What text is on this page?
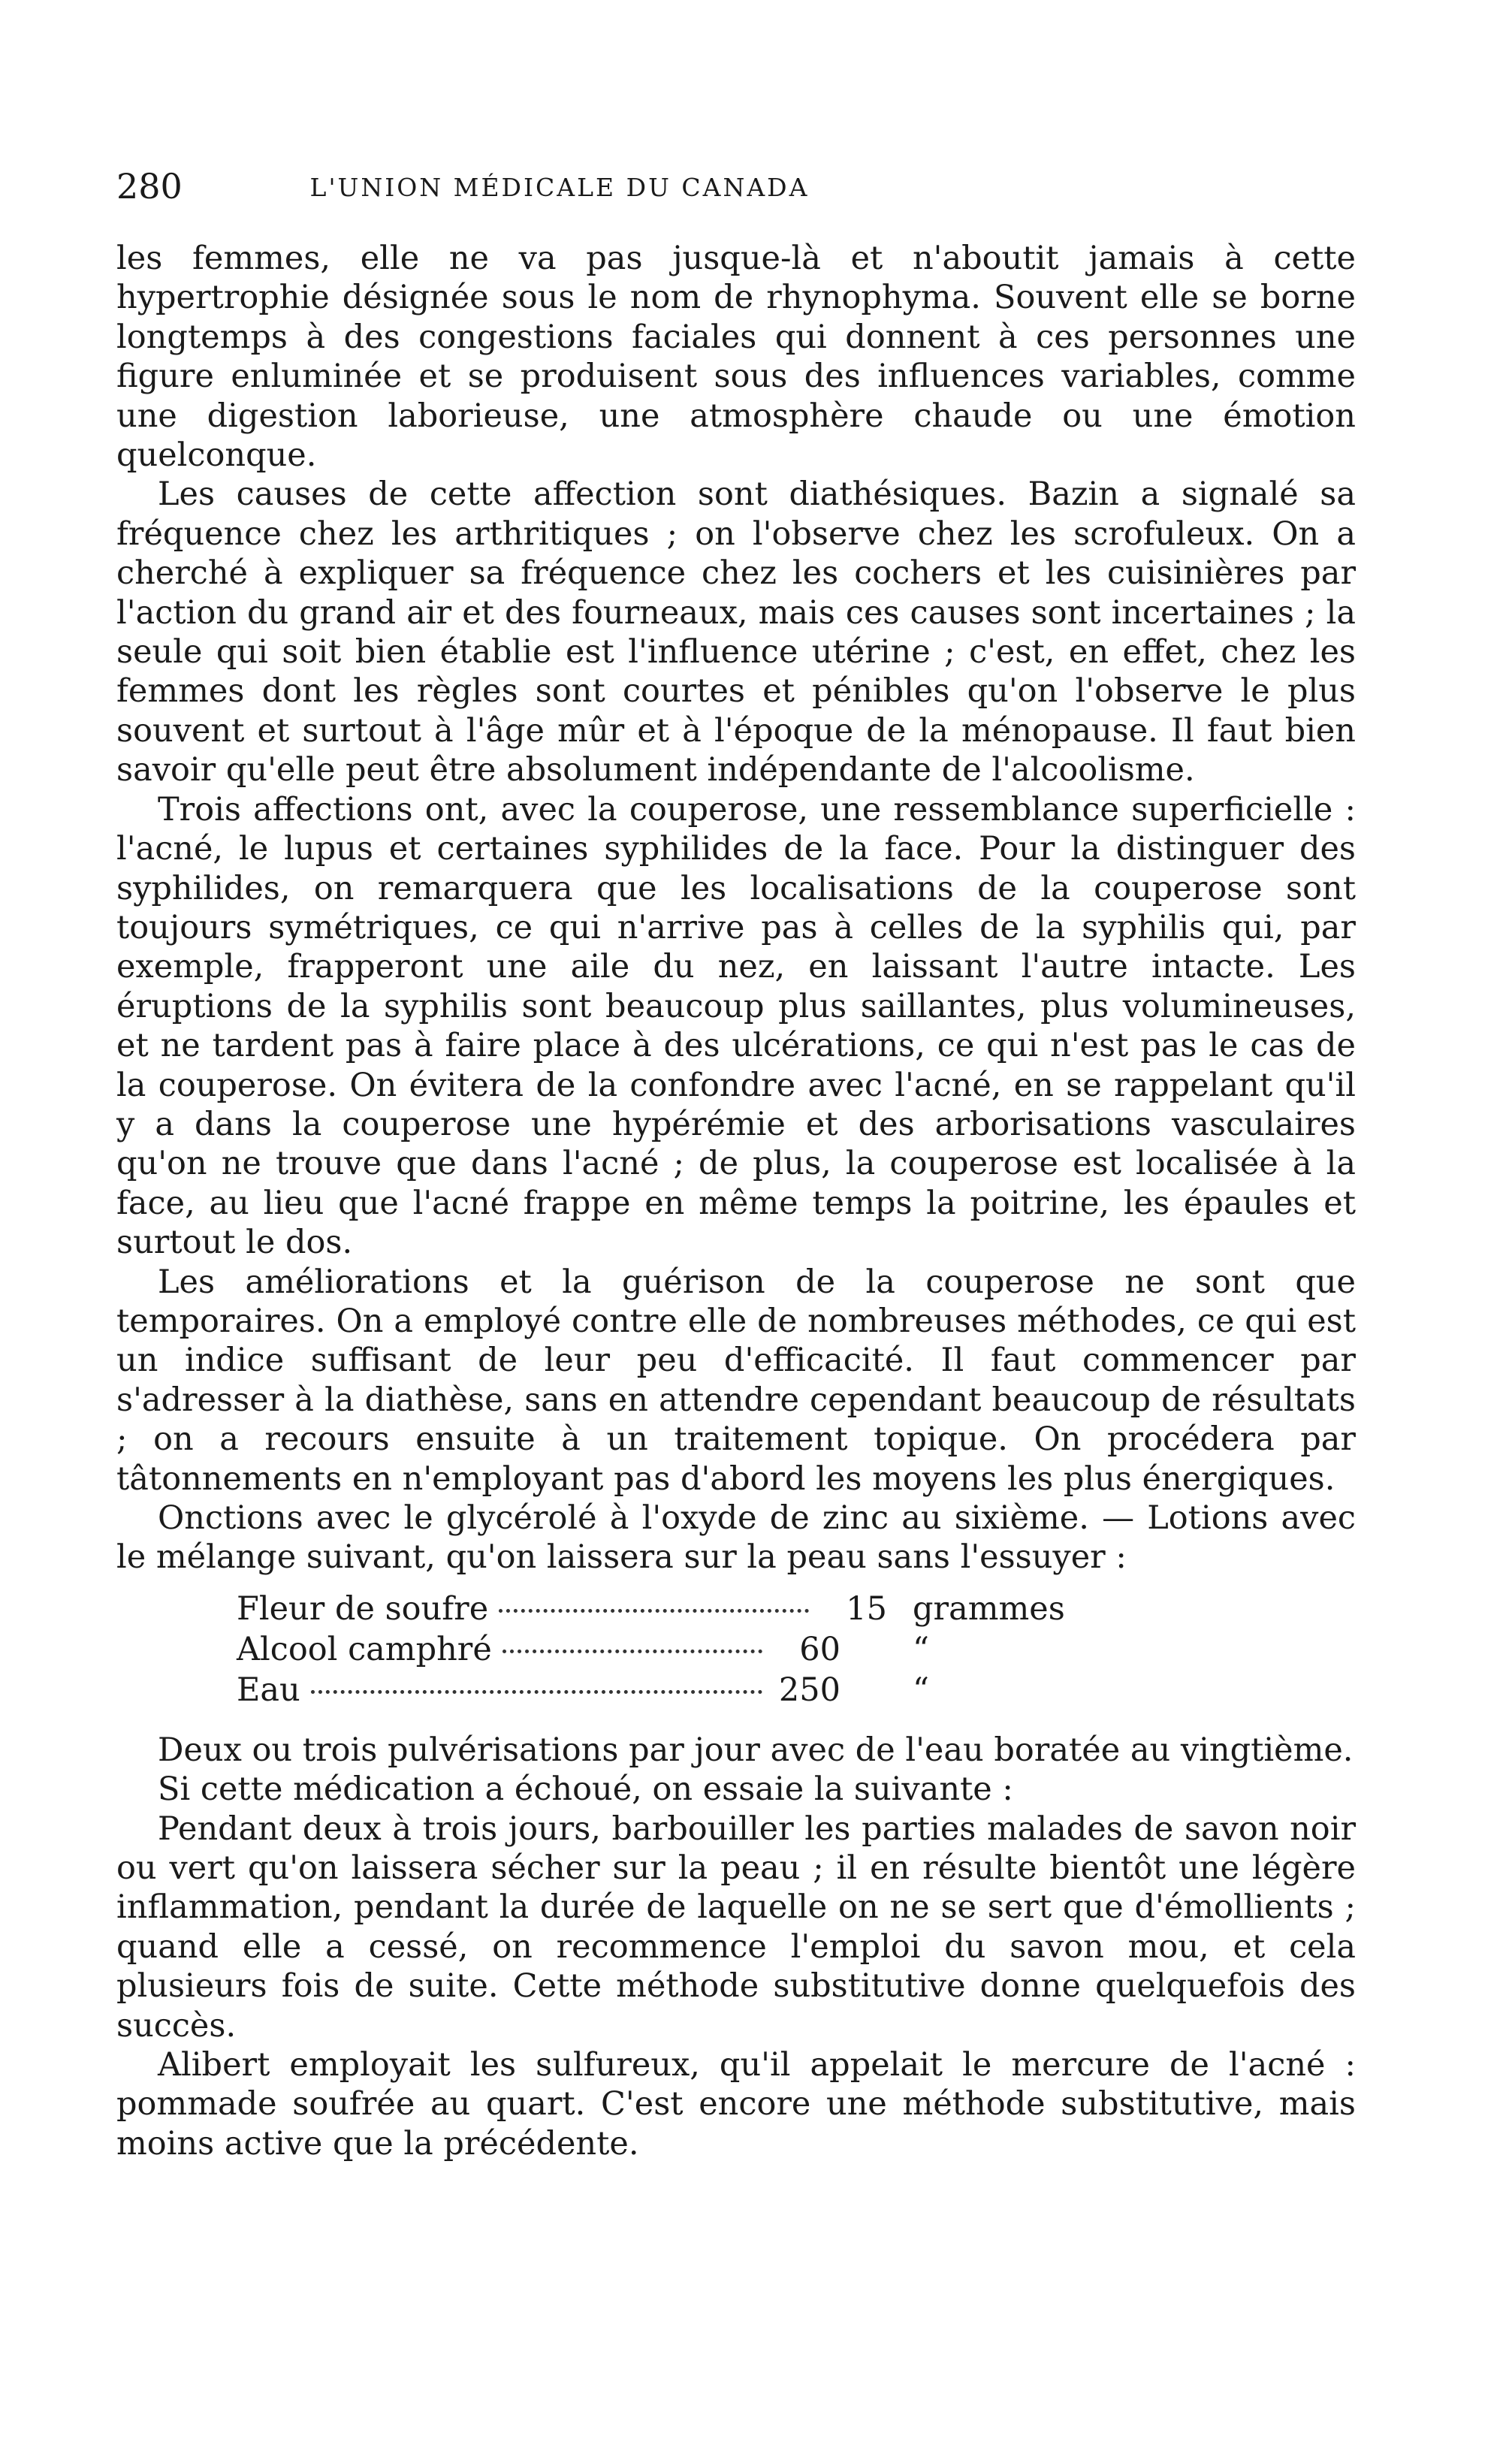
280	L'UNION MÉDICALE DU CANADA

les femmes, elle ne va pas jusque-là et n'aboutit jamais à cette hypertrophie désignée sous le nom de rhynophyma. Souvent elle se borne longtemps à des congestions faciales qui donnent à ces personnes une figure enluminée et se produisent sous des influences variables, comme une digestion laborieuse, une atmosphère chaude ou une émotion quelconque.

Les causes de cette affection sont diathésiques. Bazin a signalé sa fréquence chez les arthritiques ; on l'observe chez les scrofuleux. On a cherché à expliquer sa fréquence chez les cochers et les cuisinières par l'action du grand air et des fourneaux, mais ces causes sont incertaines ; la seule qui soit bien établie est l'influence utérine ; c'est, en effet, chez les femmes dont les règles sont courtes et pénibles qu'on l'observe le plus souvent et surtout à l'âge mûr et à l'époque de la ménopause. Il faut bien savoir qu'elle peut être absolument indépendante de l'alcoolisme.

Trois affections ont, avec la couperose, une ressemblance superficielle : l'acné, le lupus et certaines syphilides de la face. Pour la distinguer des syphilides, on remarquera que les localisations de la couperose sont toujours symétriques, ce qui n'arrive pas à celles de la syphilis qui, par exemple, frapperont une aile du nez, en laissant l'autre intacte. Les éruptions de la syphilis sont beaucoup plus saillantes, plus volumineuses, et ne tardent pas à faire place à des ulcérations, ce qui n'est pas le cas de la couperose. On évitera de la confondre avec l'acné, en se rappelant qu'il y a dans la couperose une hypérémie et des arborisations vasculaires qu'on ne trouve que dans l'acné ; de plus, la couperose est localisée à la face, au lieu que l'acné frappe en même temps la poitrine, les épaules et surtout le dos.

Les améliorations et la guérison de la couperose ne sont que temporaires. On a employé contre elle de nombreuses méthodes, ce qui est un indice suffisant de leur peu d'efficacité. Il faut commencer par s'adresser à la diathèse, sans en attendre cependant beaucoup de résultats ; on a recours ensuite à un traitement topique. On procédera par tâtonnements en n'employant pas d'abord les moyens les plus énergiques.

Onctions avec le glycérolé à l'oxyde de zinc au sixième. — Lotions avec le mélange suivant, qu'on laissera sur la peau sans l'essuyer :

Fleur de soufre	15 grammes
Alcool camphré	60	“
Eau	250	“

Deux ou trois pulvérisations par jour avec de l'eau boratée au vingtième.

Si cette médication a échoué, on essaie la suivante :

Pendant deux à trois jours, barbouiller les parties malades de savon noir ou vert qu'on laissera sécher sur la peau ; il en résulte bientôt une légère inflammation, pendant la durée de laquelle on ne se sert que d'émollients ; quand elle a cessé, on recommence l'emploi du savon mou, et cela plusieurs fois de suite. Cette méthode substitutive donne quelquefois des succès.

Alibert employait les sulfureux, qu'il appelait le mercure de l'acné : pommade soufrée au quart. C'est encore une méthode substitutive, mais moins active que la précédente.
